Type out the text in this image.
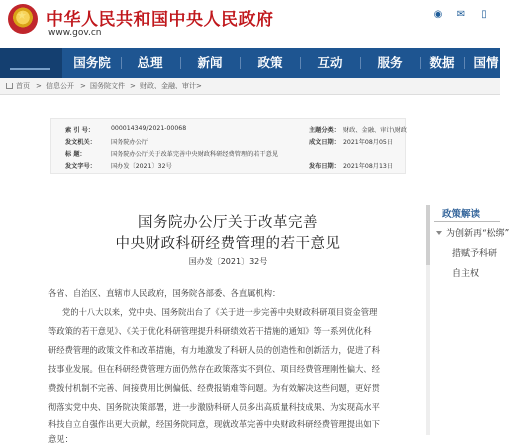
★ 中华人民共和国中央人民政府
www.gov.cn
◉ ✉	▯
国务院	总理	新闻	政策	互动	服务	数据	国情
首页 > 信息公开 > 国务院文件 > 财政、金融、审计 >
索 引 号：	000014349/2021-00068	主题分类： 财政、金融、审计\财政
发文机关： 国务院办公厅	成文日期： 2021年08月05日
标 题：	国务院办公厅关于改革完善中央财政科研经费管理的若干意见
发文字号： 国办发〔2021〕32号	发布日期： 2021年08月13日
国务院办公厅关于改革完善
中央财政科研经费管理的若干意见
国办发〔2021〕32号
各省、自治区、直辖市人民政府，国务院各部委、各直属机构：
党的十八大以来，党中央、国务院出台了《关于进一步完善中央财政科研项目资金管理
等政策的若干意见》、《关于优化科研管理提升科研绩效若干措施的通知》等一系列优化科
研经费管理的政策文件和改革措施，有力地激发了科研人员的创造性和创新活力，促进了科
技事业发展。但在科研经费管理方面仍然存在政策落实不到位、项目经费管理刚性偏大、经
费拨付机制不完善、间接费用比例偏低、经费报销难等问题。为有效解决这些问题，更好贯
彻落实党中央、国务院决策部署，进一步激励科研人员多出高质量科技成果、为实现高水平
科技自立自强作出更大贡献，经国务院同意，现就改革完善中央财政科研经费管理提出如下
意见：
政策解读
为创新再“松绑”
措赋予科研
自主权
